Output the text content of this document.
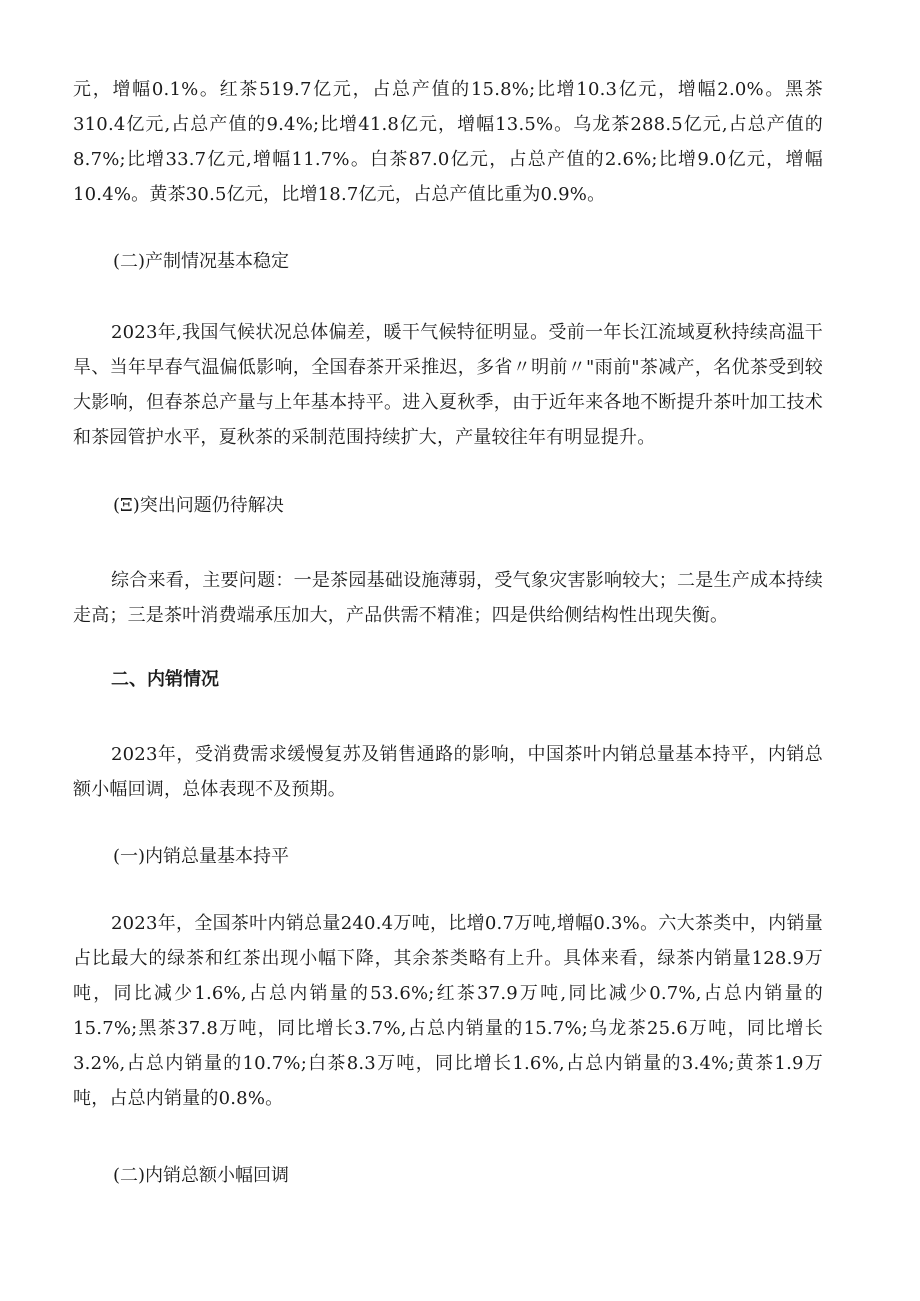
元，增幅0.1%。红茶519.7亿元，占总产值的15.8%;比增10.3亿元，增幅2.0%。黑茶310.4亿元,占总产值的9.4%;比增41.8亿元，增幅13.5%。乌龙茶288.5亿元,占总产值的8.7%;比增33.7亿元,增幅11.7%。白茶87.0亿元，占总产值的2.6%;比增9.0亿元，增幅10.4%。黄茶30.5亿元，比增18.7亿元，占总产值比重为0.9%。

(二)产制情况基本稳定

2023年,我国气候状况总体偏差，暖干气候特征明显。受前一年长江流域夏秋持续高温干旱、当年早春气温偏低影响，全国春茶开采推迟，多省〃明前〃"雨前"茶减产，名优茶受到较大影响，但春茶总产量与上年基本持平。进入夏秋季，由于近年来各地不断提升茶叶加工技术和茶园管护水平，夏秋茶的采制范围持续扩大，产量较往年有明显提升。

(Ξ)突出问题仍待解决

综合来看，主要问题：一是茶园基础设施薄弱，受气象灾害影响较大；二是生产成本持续走高；三是茶叶消费端承压加大，产品供需不精准；四是供给侧结构性出现失衡。

二、内销情况

2023年，受消费需求缓慢复苏及销售通路的影响，中国茶叶内销总量基本持平，内销总额小幅回调，总体表现不及预期。

(一)内销总量基本持平

2023年，全国茶叶内销总量240.4万吨，比增0.7万吨,增幅0.3%。六大茶类中，内销量占比最大的绿茶和红茶出现小幅下降，其余茶类略有上升。具体来看，绿茶内销量128.9万吨，同比减少1.6%,占总内销量的53.6%;红茶37.9万吨,同比减少0.7%,占总内销量的15.7%;黑茶37.8万吨，同比增长3.7%,占总内销量的15.7%;乌龙茶25.6万吨，同比增长3.2%,占总内销量的10.7%;白茶8.3万吨，同比增长1.6%,占总内销量的3.4%;黄茶1.9万吨，占总内销量的0.8%。

(二)内销总额小幅回调
